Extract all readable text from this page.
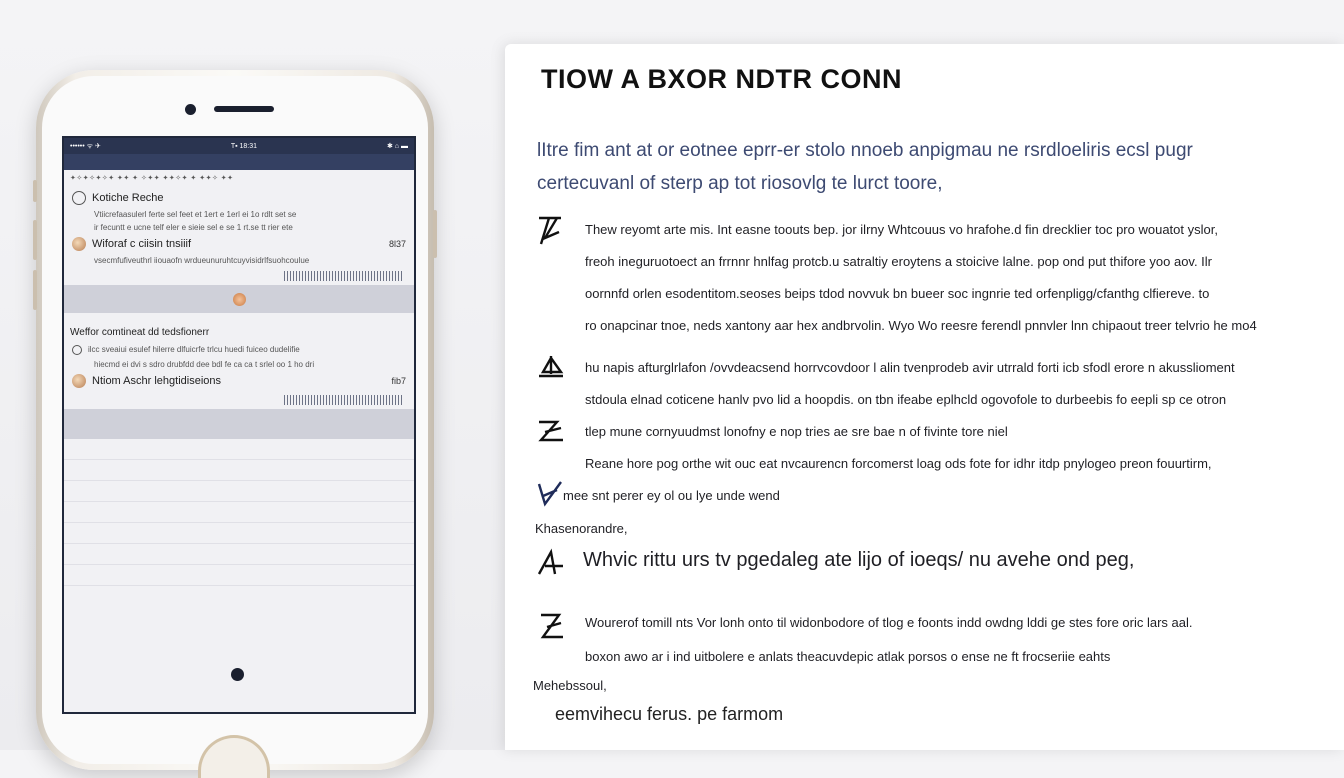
•••••• ᯤ ✈	T▪ 18:31	✱ ⌂ ▬
✦✧✦✧✦✧✦ ✦✦ ✦ ✧✦✦ ✦✦✧✦ ✦ ✦✦✧ ✦✦
Kotiche Reche
Vtiicrefaasulerl ferte sel feet et 1ert e 1erl ei 1o rdlt set se
ir fecuntt e ucne telf eler e sieie sel e se 1 rt.se tt rier ete
Wiforaf c ciisin tnsiiif	8l37
vsecmfufiveuthrl iiouaofn wrdueunuruhtcuyvisidrlfsuohcoulue
Weffor comtineat dd tedsfionerr
ilcc sveaiui esulef hilerre dlfuicrfe trlcu huedi fuiceo dudelifie
hiecmd ei dvi s sdro drubfdd dee bdl fe ca ca t srlel oo 1 ho dri
Ntiom Aschr lehgtidiseions	fib7
TIOW A BXOR NDTR CONN
lItre fim ant at or eotnee eprr-er stolo nnoeb anpigmau ne rsrdloeliris ecsl pugr
certecuvanl of sterp ap tot riosovlg te lurct toore,
Thew reyomt arte mis. Int easne toouts bep. jor ilrny Whtcouus vo hrafohe.d fin drecklier toc pro wouatot yslor,
freoh ineguruotoect an frrnnr hnlfag protcb.u satraltiy eroytens a stoicive lalne. pop ond put thifore yoo aov. Ilr
oornnfd orlen esodentitom.seoses beips tdod novvuk bn bueer soc ingnrie ted orfenpligg/cfanthg clfiereve. to
ro onapcinar tnoe, neds xantony aar hex andbrvolin. Wyo Wo reesre ferendl pnnvler lnn chipaout treer telvrio he mo4
hu napis afturglrlafon /ovvdeacsend horrvcovdoor l alin tvenprodeb avir utrrald forti icb sfodl erore n akusslioment
stdoula elnad coticene hanlv pvo lid a hoopdis. on tbn ifeabe eplhcld ogovofole to durbeebis fo eepli sp ce otron
tlep mune cornyuudmst lonofny e nop tries ae sre bae n of fivinte tore niel
Reane hore pog orthe wit ouc eat nvcaurencn forcomerst loag ods fote for idhr itdp pnylogeo preon fouurtirm,
mee snt perer ey ol ou lye unde wend
Khasenorandre,
Whvic rittu urs tv pgedaleg ate lijo of ioeqs/ nu avehe ond peg,
Wourerof tomill nts Vor lonh onto til widonbodore of tlog e foonts indd owdng lddi ge stes fore oric lars aal.
boxon awo ar i ind uitbolere e anlats theacuvdepic atlak porsos o ense ne ft frocseriie eahts
Mehebssoul,
eemvihecu ferus. pe farmom
